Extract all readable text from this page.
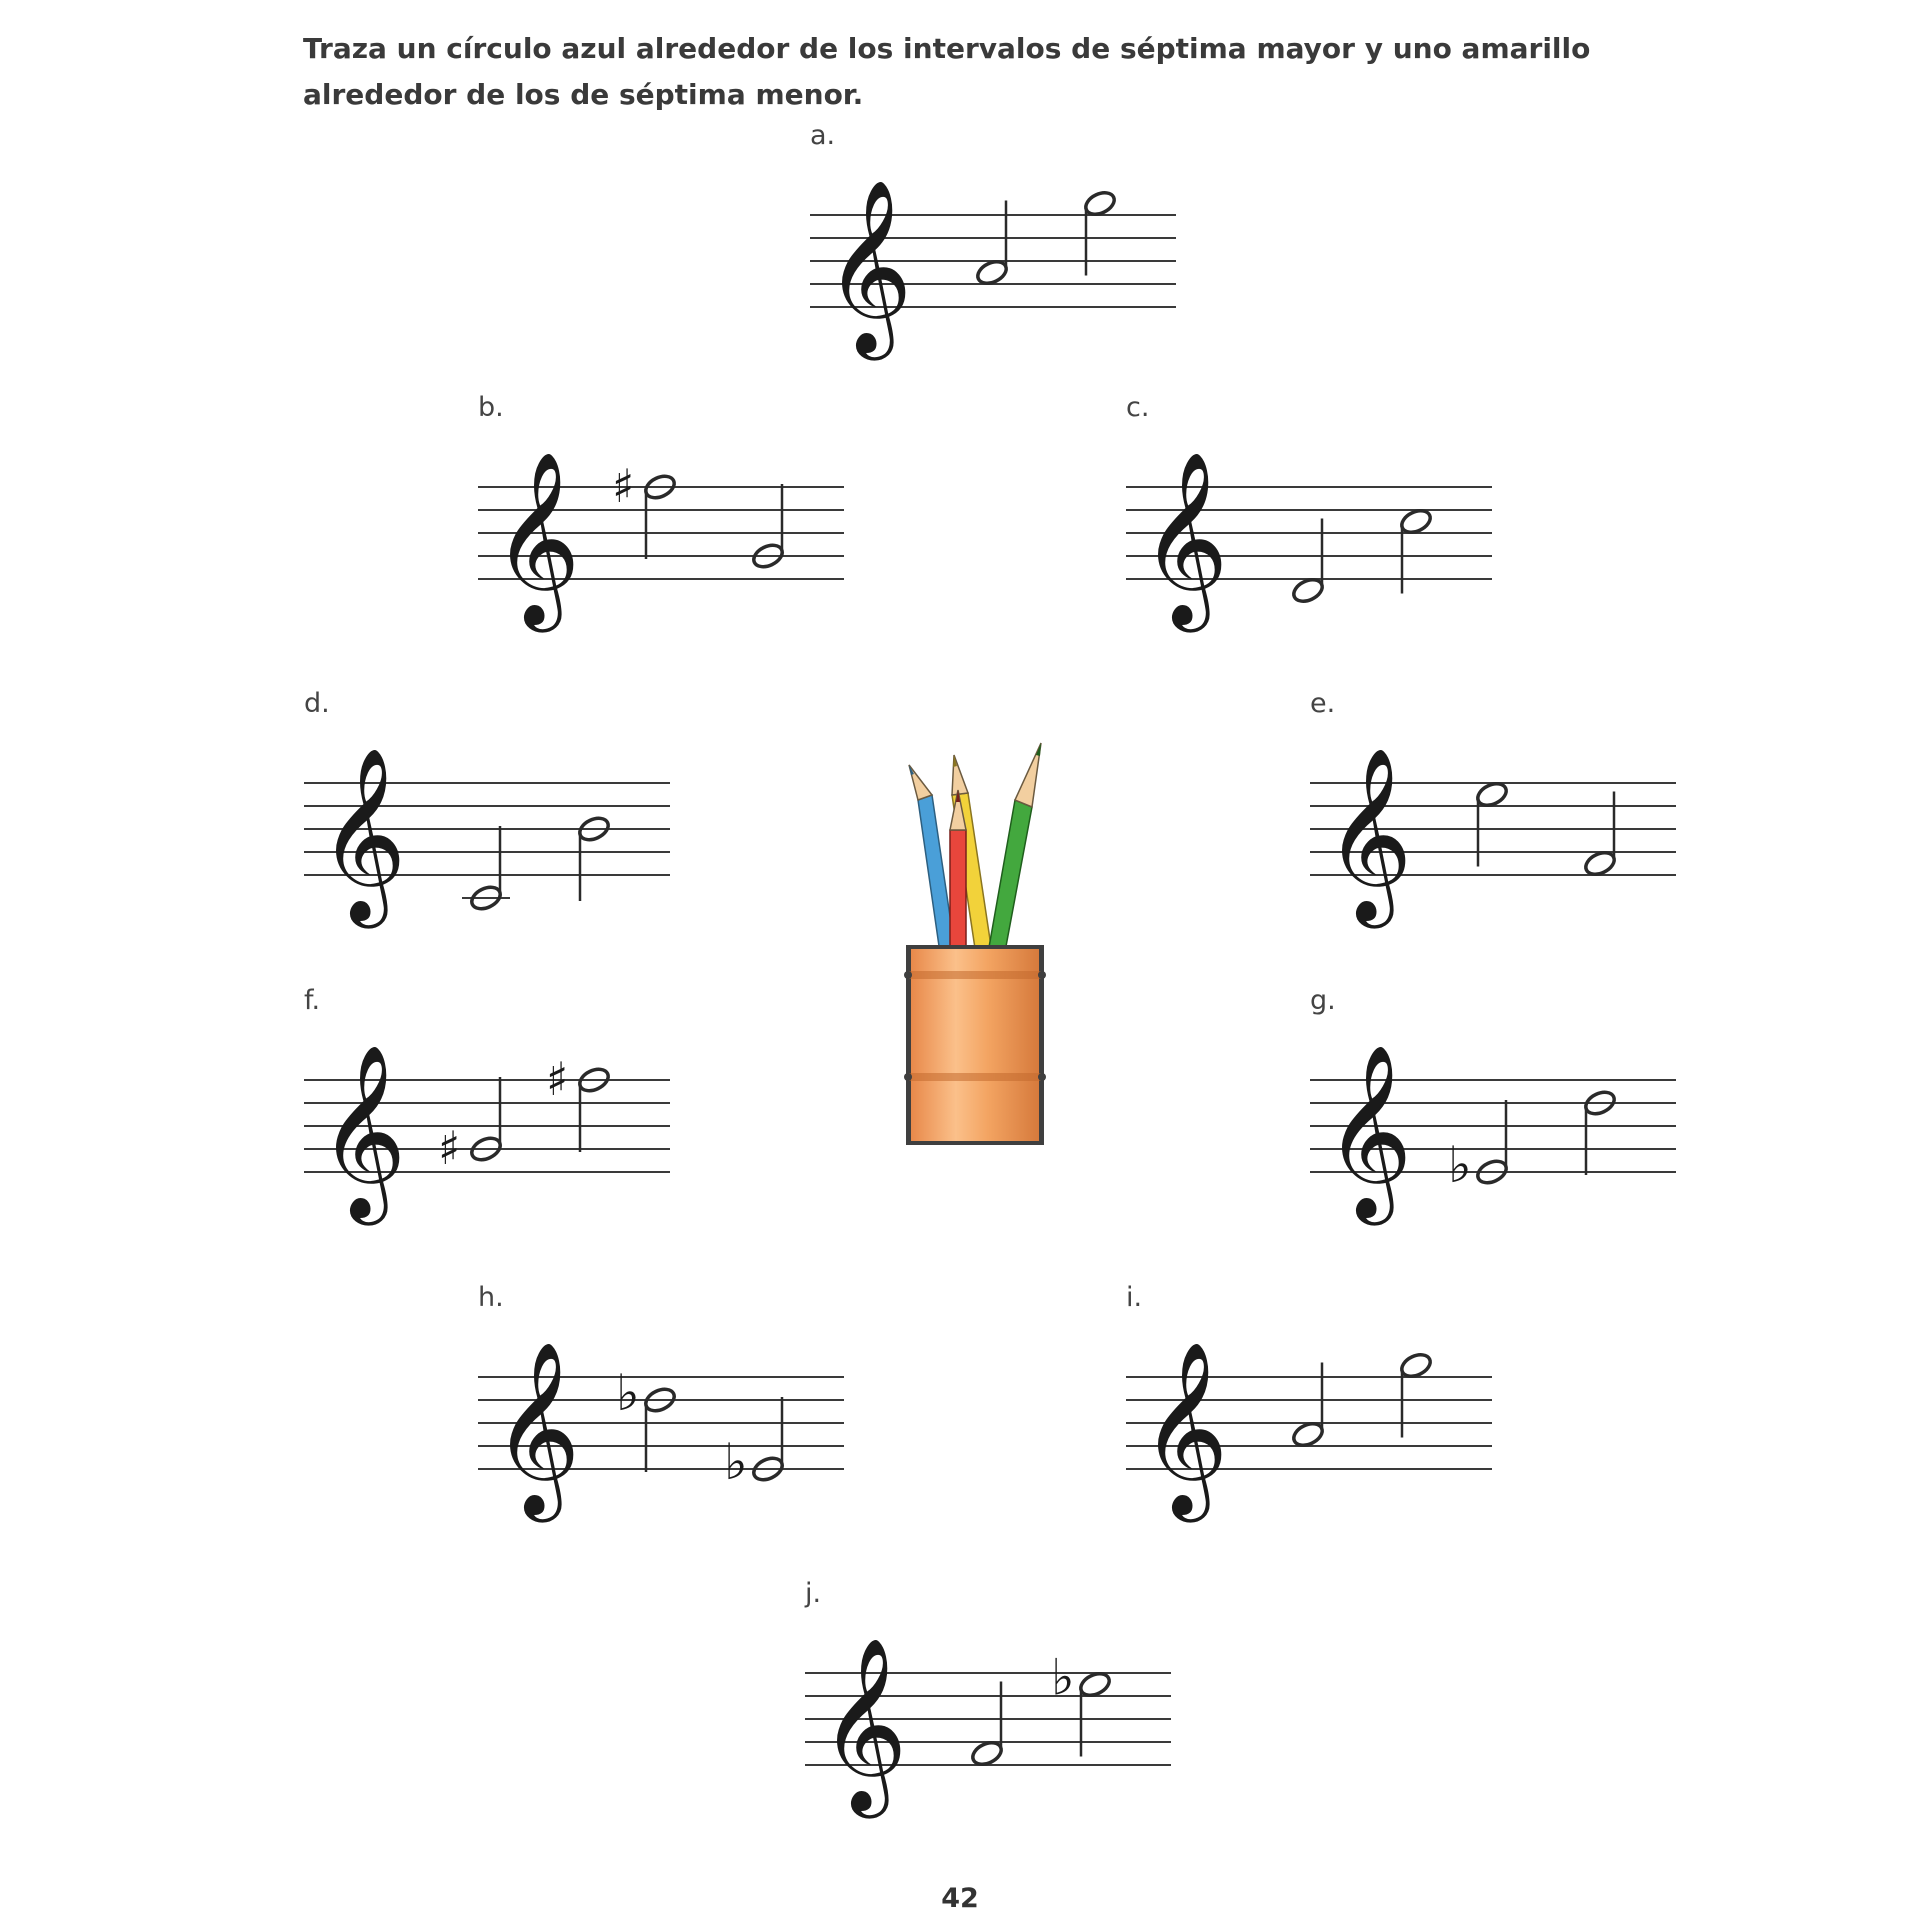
Traza un círculo azul alrededor de los intervalos de séptima mayor y uno amarillo alrededor de los de séptima menor.

a.
𝄞
b.
𝄞 ♯
c.
𝄞
d.
𝄞
e.
𝄞
f.
𝄞 ♯
♯
g.
𝄞 ♭
h.
𝄞 ♭
♭
i.
𝄞
j.
𝄞	♭
42
